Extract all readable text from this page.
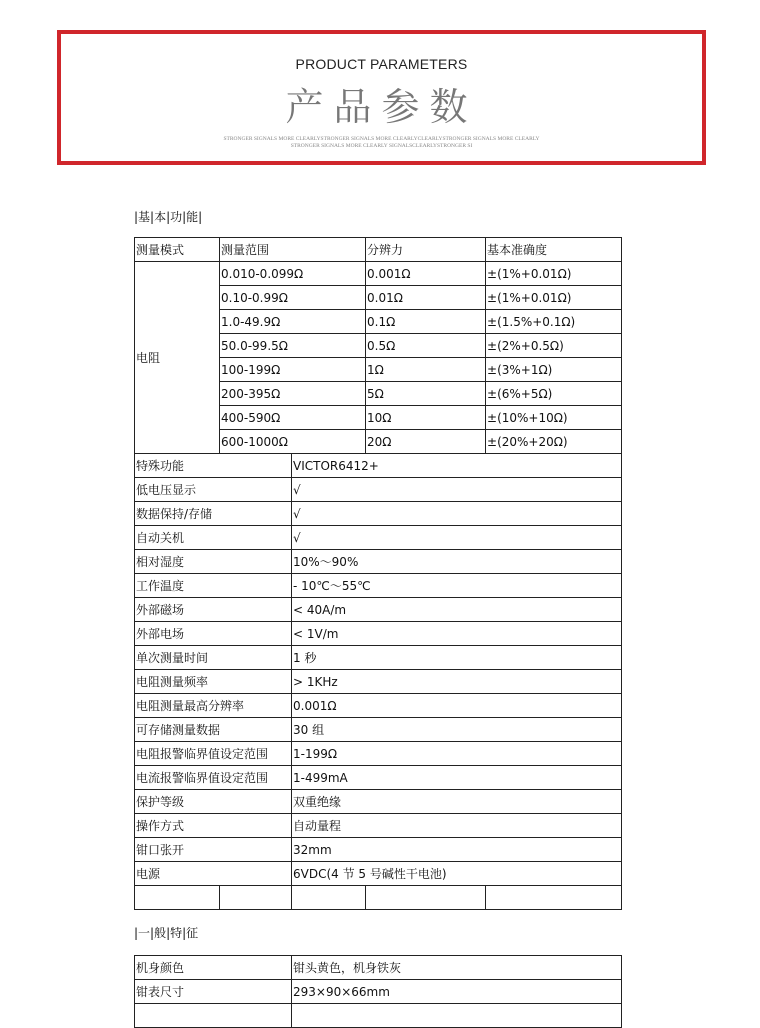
PRODUCT PARAMETERS
产品参数
STRONGER SIGNALS MORE CLEARLYSTRONGER SIGNALS MORE CLEARLYCLEARLYSTRONGER SIGNALS MORE CLEARLY
STRONGER SIGNALS MORE CLEARLY SIGNALSCLEARLYSTRONGER SI
|基|本|功|能|
测量模式	测量范围		分辨力	基本准确度
电阻	0.010-0.099Ω		0.001Ω	±(1%+0.01Ω)
	0.10-0.99Ω		0.01Ω	±(1%+0.01Ω)
	1.0-49.9Ω		0.1Ω	±(1.5%+0.1Ω)
	50.0-99.5Ω		0.5Ω	±(2%+0.5Ω)
	100-199Ω		1Ω	±(3%+1Ω)
	200-395Ω		5Ω	±(6%+5Ω)
	400-590Ω		10Ω	±(10%+10Ω)
	600-1000Ω		20Ω	±(20%+20Ω)
特殊功能		VICTOR6412+		
低电压显示		√		
数据保持/存储		√		
自动关机		√		
相对湿度		10%～90%		
工作温度		- 10℃～55℃		
外部磁场		< 40A/m		
外部电场		< 1V/m		
单次测量时间		1 秒		
电阻测量频率		> 1KHz		
电阻测量最高分辨率		0.001Ω		
可存储测量数据		30 组		
电阻报警临界值设定范围		1-199Ω		
电流报警临界值设定范围		1-499mA		
保护等级		双重绝缘		
操作方式		自动量程		
钳口张开		32mm		
电源		6VDC(4 节 5 号碱性干电池)		

|一|般|特|征
机身颜色	钳头黄色，机身铁灰
钳表尺寸	293×90×66mm
